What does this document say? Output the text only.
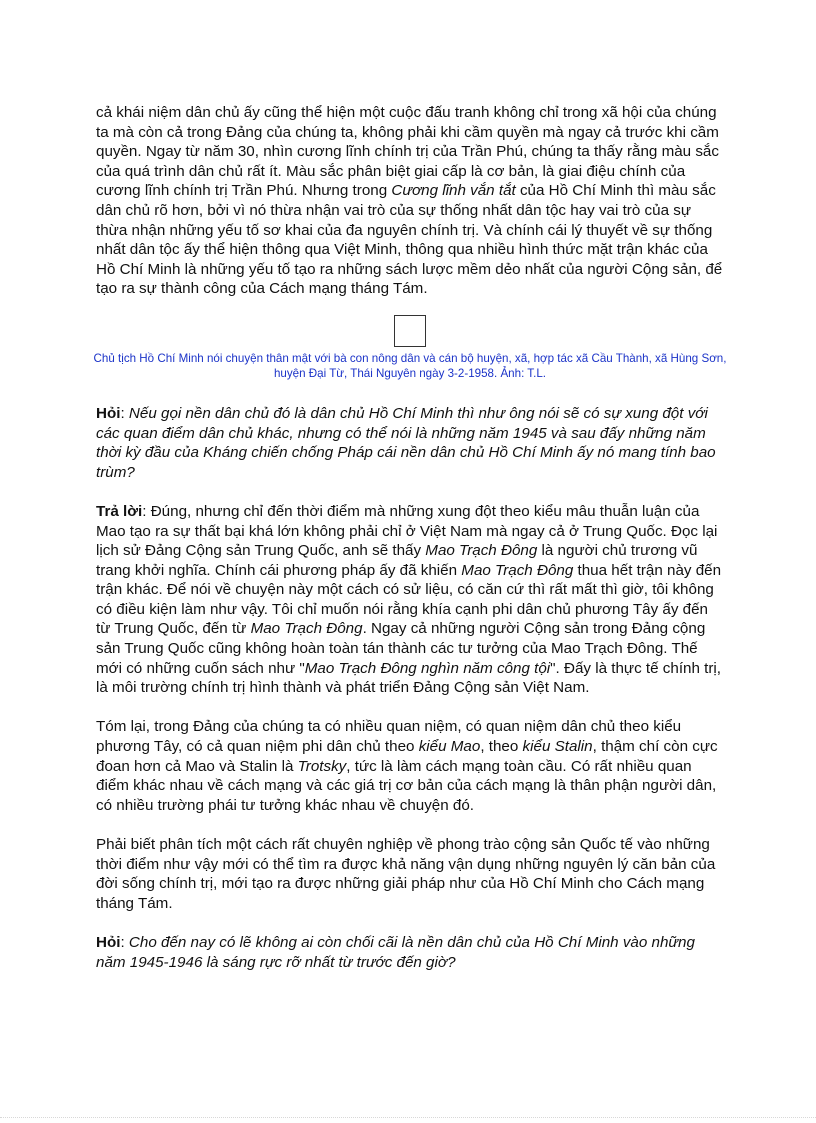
cả khái niệm dân chủ ấy cũng thể hiện một cuộc đấu tranh không chỉ trong xã hội của chúng ta mà còn cả trong Đảng của chúng ta, không phải khi cầm quyền mà ngay cả trước khi cầm quyền. Ngay từ năm 30, nhìn cương lĩnh chính trị của Trần Phú, chúng ta thấy rằng màu sắc của quá trình dân chủ rất ít. Màu sắc phân biệt giai cấp là cơ bản, là giai điệu chính của cương lĩnh chính trị Trần Phú. Nhưng trong Cương lĩnh vắn tắt của Hồ Chí Minh thì màu sắc dân chủ rõ hơn, bởi vì nó thừa nhận vai trò của sự thống nhất dân tộc hay vai trò của sự thừa nhận những yếu tố sơ khai của đa nguyên chính trị. Và chính cái lý thuyết về sự thống nhất dân tộc ấy thể hiện thông qua Việt Minh, thông qua nhiều hình thức mặt trận khác của Hồ Chí Minh là những yếu tố tạo ra những sách lược mềm dẻo nhất của người Cộng sản, để tạo ra sự thành công của Cách mạng tháng Tám.

Chủ tịch Hồ Chí Minh nói chuyện thân mật với bà con nông dân và cán bộ huyện, xã, hợp tác xã Cầu Thành, xã Hùng Sơn, huyện Đại Từ, Thái Nguyên ngày 3-2-1958. Ảnh: T.L.

Hỏi: Nếu gọi nền dân chủ đó là dân chủ Hồ Chí Minh thì như ông nói sẽ có sự xung đột với các quan điểm dân chủ khác, nhưng có thể nói là những năm 1945 và sau đấy những năm thời kỳ đầu của Kháng chiến chống Pháp cái nền dân chủ Hồ Chí Minh ấy nó mang tính bao trùm?

Trả lời: Đúng, nhưng chỉ đến thời điểm mà những xung đột theo kiểu mâu thuẫn luận của Mao tạo ra sự thất bại khá lớn không phải chỉ ở Việt Nam mà ngay cả ở Trung Quốc. Đọc lại lịch sử Đảng Cộng sản Trung Quốc, anh sẽ thấy Mao Trạch Đông là người chủ trương vũ trang khởi nghĩa. Chính cái phương pháp ấy đã khiến Mao Trạch Đông thua hết trận này đến trận khác. Để nói về chuyện này một cách có sử liệu, có căn cứ thì rất mất thì giờ, tôi không có điều kiện làm như vậy. Tôi chỉ muốn nói rằng khía cạnh phi dân chủ phương Tây ấy đến từ Trung Quốc, đến từ Mao Trạch Đông. Ngay cả những người Cộng sản trong Đảng cộng sản Trung Quốc cũng không hoàn toàn tán thành các tư tưởng của Mao Trạch Đông. Thế mới có những cuốn sách như "Mao Trạch Đông nghìn năm công tội". Đấy là thực tế chính trị, là môi trường chính trị hình thành và phát triển Đảng Cộng sản Việt Nam.

Tóm lại, trong Đảng của chúng ta có nhiều quan niệm, có quan niệm dân chủ theo kiểu phương Tây, có cả quan niệm phi dân chủ theo kiểu Mao, theo kiểu Stalin, thậm chí còn cực đoan hơn cả Mao và Stalin là Trotsky, tức là làm cách mạng toàn cầu. Có rất nhiều quan điểm khác nhau về cách mạng và các giá trị cơ bản của cách mạng là thân phận người dân, có nhiều trường phái tư tưởng khác nhau về chuyện đó.

Phải biết phân tích một cách rất chuyên nghiệp về phong trào cộng sản Quốc tế vào những thời điểm như vậy mới có thể tìm ra được khả năng vận dụng những nguyên lý căn bản của đời sống chính trị, mới tạo ra được những giải pháp như của Hồ Chí Minh cho Cách mạng tháng Tám.

Hỏi: Cho đến nay có lẽ không ai còn chối cãi là nền dân chủ của Hồ Chí Minh vào những năm 1945-1946 là sáng rực rỡ nhất từ trước đến giờ?
